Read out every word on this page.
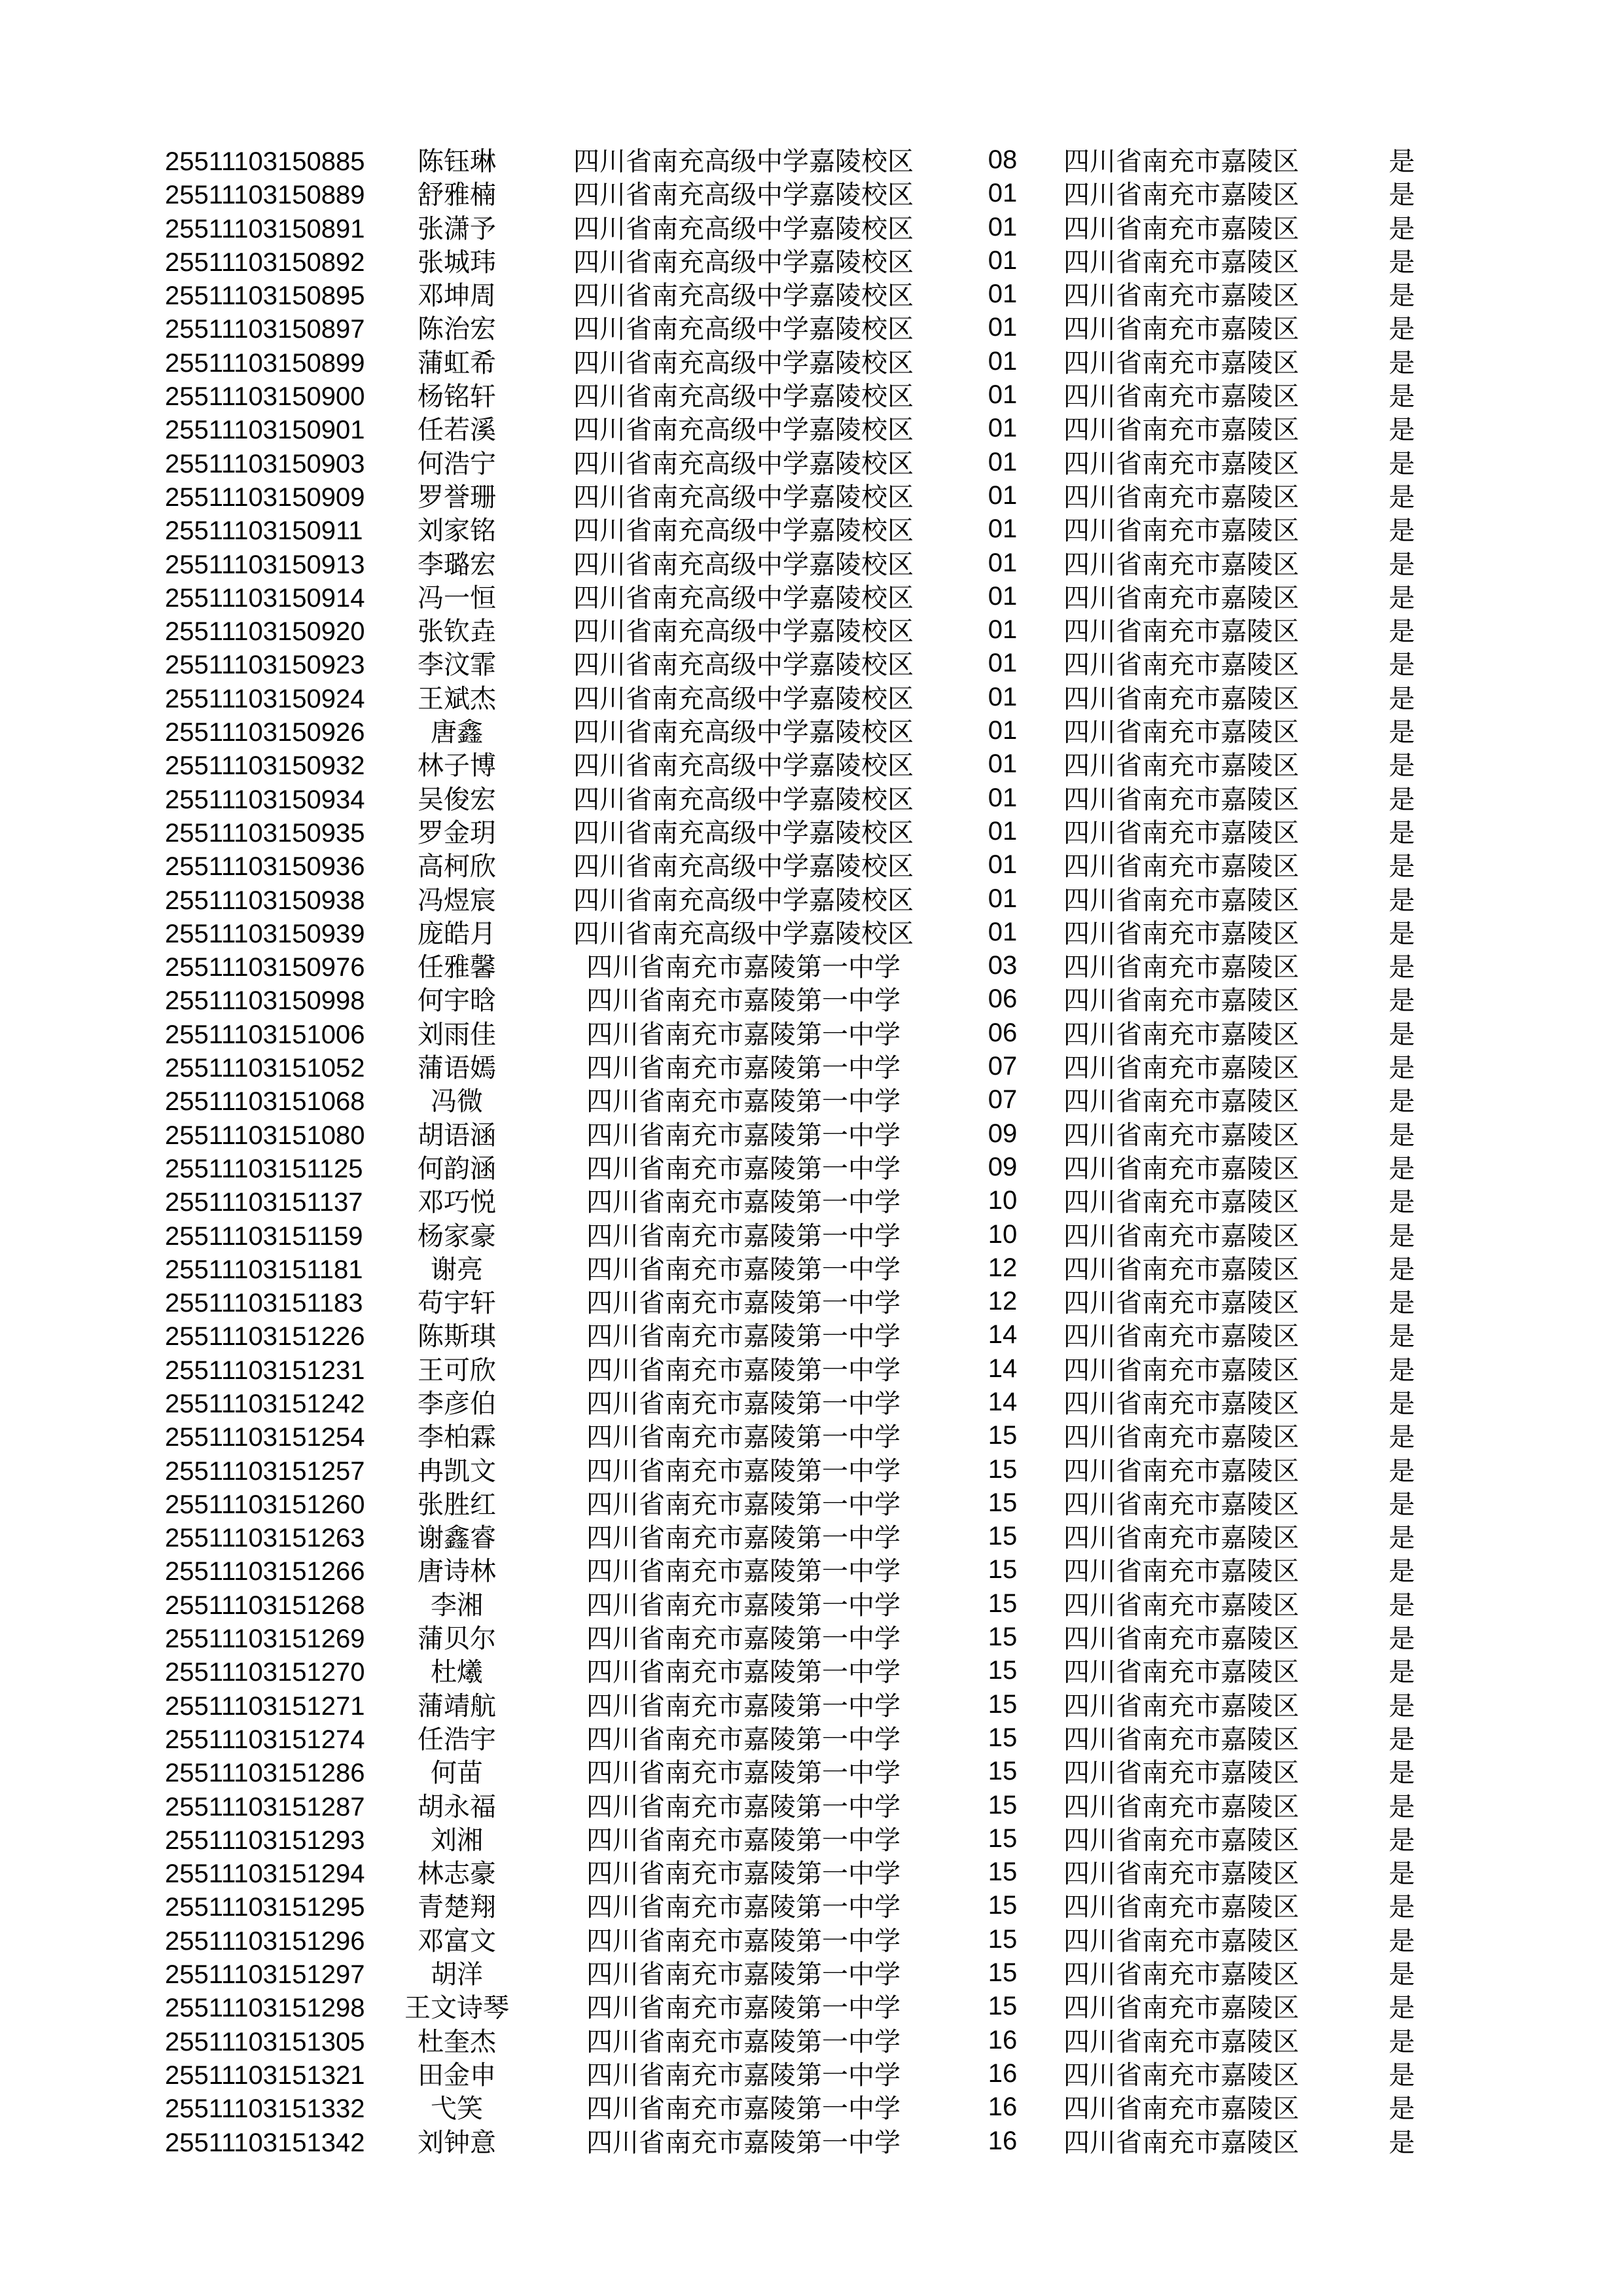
25511103150885	陈钰琳	四川省南充高级中学嘉陵校区	08	四川省南充市嘉陵区	是
25511103150889	舒雅楠	四川省南充高级中学嘉陵校区	01	四川省南充市嘉陵区	是
25511103150891	张潇予	四川省南充高级中学嘉陵校区	01	四川省南充市嘉陵区	是
25511103150892	张城玮	四川省南充高级中学嘉陵校区	01	四川省南充市嘉陵区	是
25511103150895	邓坤周	四川省南充高级中学嘉陵校区	01	四川省南充市嘉陵区	是
25511103150897	陈治宏	四川省南充高级中学嘉陵校区	01	四川省南充市嘉陵区	是
25511103150899	蒲虹希	四川省南充高级中学嘉陵校区	01	四川省南充市嘉陵区	是
25511103150900	杨铭轩	四川省南充高级中学嘉陵校区	01	四川省南充市嘉陵区	是
25511103150901	任若溪	四川省南充高级中学嘉陵校区	01	四川省南充市嘉陵区	是
25511103150903	何浩宁	四川省南充高级中学嘉陵校区	01	四川省南充市嘉陵区	是
25511103150909	罗誉珊	四川省南充高级中学嘉陵校区	01	四川省南充市嘉陵区	是
25511103150911	刘家铭	四川省南充高级中学嘉陵校区	01	四川省南充市嘉陵区	是
25511103150913	李璐宏	四川省南充高级中学嘉陵校区	01	四川省南充市嘉陵区	是
25511103150914	冯一恒	四川省南充高级中学嘉陵校区	01	四川省南充市嘉陵区	是
25511103150920	张钦垚	四川省南充高级中学嘉陵校区	01	四川省南充市嘉陵区	是
25511103150923	李汶霏	四川省南充高级中学嘉陵校区	01	四川省南充市嘉陵区	是
25511103150924	王斌杰	四川省南充高级中学嘉陵校区	01	四川省南充市嘉陵区	是
25511103150926	唐鑫	四川省南充高级中学嘉陵校区	01	四川省南充市嘉陵区	是
25511103150932	林子博	四川省南充高级中学嘉陵校区	01	四川省南充市嘉陵区	是
25511103150934	吴俊宏	四川省南充高级中学嘉陵校区	01	四川省南充市嘉陵区	是
25511103150935	罗金玥	四川省南充高级中学嘉陵校区	01	四川省南充市嘉陵区	是
25511103150936	高柯欣	四川省南充高级中学嘉陵校区	01	四川省南充市嘉陵区	是
25511103150938	冯煜宸	四川省南充高级中学嘉陵校区	01	四川省南充市嘉陵区	是
25511103150939	庞皓月	四川省南充高级中学嘉陵校区	01	四川省南充市嘉陵区	是
25511103150976	任雅馨	四川省南充市嘉陵第一中学	03	四川省南充市嘉陵区	是
25511103150998	何宇晗	四川省南充市嘉陵第一中学	06	四川省南充市嘉陵区	是
25511103151006	刘雨佳	四川省南充市嘉陵第一中学	06	四川省南充市嘉陵区	是
25511103151052	蒲语嫣	四川省南充市嘉陵第一中学	07	四川省南充市嘉陵区	是
25511103151068	冯微	四川省南充市嘉陵第一中学	07	四川省南充市嘉陵区	是
25511103151080	胡语涵	四川省南充市嘉陵第一中学	09	四川省南充市嘉陵区	是
25511103151125	何韵涵	四川省南充市嘉陵第一中学	09	四川省南充市嘉陵区	是
25511103151137	邓巧悦	四川省南充市嘉陵第一中学	10	四川省南充市嘉陵区	是
25511103151159	杨家豪	四川省南充市嘉陵第一中学	10	四川省南充市嘉陵区	是
25511103151181	谢亮	四川省南充市嘉陵第一中学	12	四川省南充市嘉陵区	是
25511103151183	苟宇轩	四川省南充市嘉陵第一中学	12	四川省南充市嘉陵区	是
25511103151226	陈斯琪	四川省南充市嘉陵第一中学	14	四川省南充市嘉陵区	是
25511103151231	王可欣	四川省南充市嘉陵第一中学	14	四川省南充市嘉陵区	是
25511103151242	李彦伯	四川省南充市嘉陵第一中学	14	四川省南充市嘉陵区	是
25511103151254	李柏霖	四川省南充市嘉陵第一中学	15	四川省南充市嘉陵区	是
25511103151257	冉凯文	四川省南充市嘉陵第一中学	15	四川省南充市嘉陵区	是
25511103151260	张胜红	四川省南充市嘉陵第一中学	15	四川省南充市嘉陵区	是
25511103151263	谢鑫睿	四川省南充市嘉陵第一中学	15	四川省南充市嘉陵区	是
25511103151266	唐诗林	四川省南充市嘉陵第一中学	15	四川省南充市嘉陵区	是
25511103151268	李湘	四川省南充市嘉陵第一中学	15	四川省南充市嘉陵区	是
25511103151269	蒲贝尔	四川省南充市嘉陵第一中学	15	四川省南充市嘉陵区	是
25511103151270	杜爔	四川省南充市嘉陵第一中学	15	四川省南充市嘉陵区	是
25511103151271	蒲靖航	四川省南充市嘉陵第一中学	15	四川省南充市嘉陵区	是
25511103151274	任浩宇	四川省南充市嘉陵第一中学	15	四川省南充市嘉陵区	是
25511103151286	何苗	四川省南充市嘉陵第一中学	15	四川省南充市嘉陵区	是
25511103151287	胡永福	四川省南充市嘉陵第一中学	15	四川省南充市嘉陵区	是
25511103151293	刘湘	四川省南充市嘉陵第一中学	15	四川省南充市嘉陵区	是
25511103151294	林志豪	四川省南充市嘉陵第一中学	15	四川省南充市嘉陵区	是
25511103151295	青楚翔	四川省南充市嘉陵第一中学	15	四川省南充市嘉陵区	是
25511103151296	邓富文	四川省南充市嘉陵第一中学	15	四川省南充市嘉陵区	是
25511103151297	胡洋	四川省南充市嘉陵第一中学	15	四川省南充市嘉陵区	是
25511103151298	王文诗琴	四川省南充市嘉陵第一中学	15	四川省南充市嘉陵区	是
25511103151305	杜奎杰	四川省南充市嘉陵第一中学	16	四川省南充市嘉陵区	是
25511103151321	田金申	四川省南充市嘉陵第一中学	16	四川省南充市嘉陵区	是
25511103151332	弋笑	四川省南充市嘉陵第一中学	16	四川省南充市嘉陵区	是
25511103151342	刘钟意	四川省南充市嘉陵第一中学	16	四川省南充市嘉陵区	是
